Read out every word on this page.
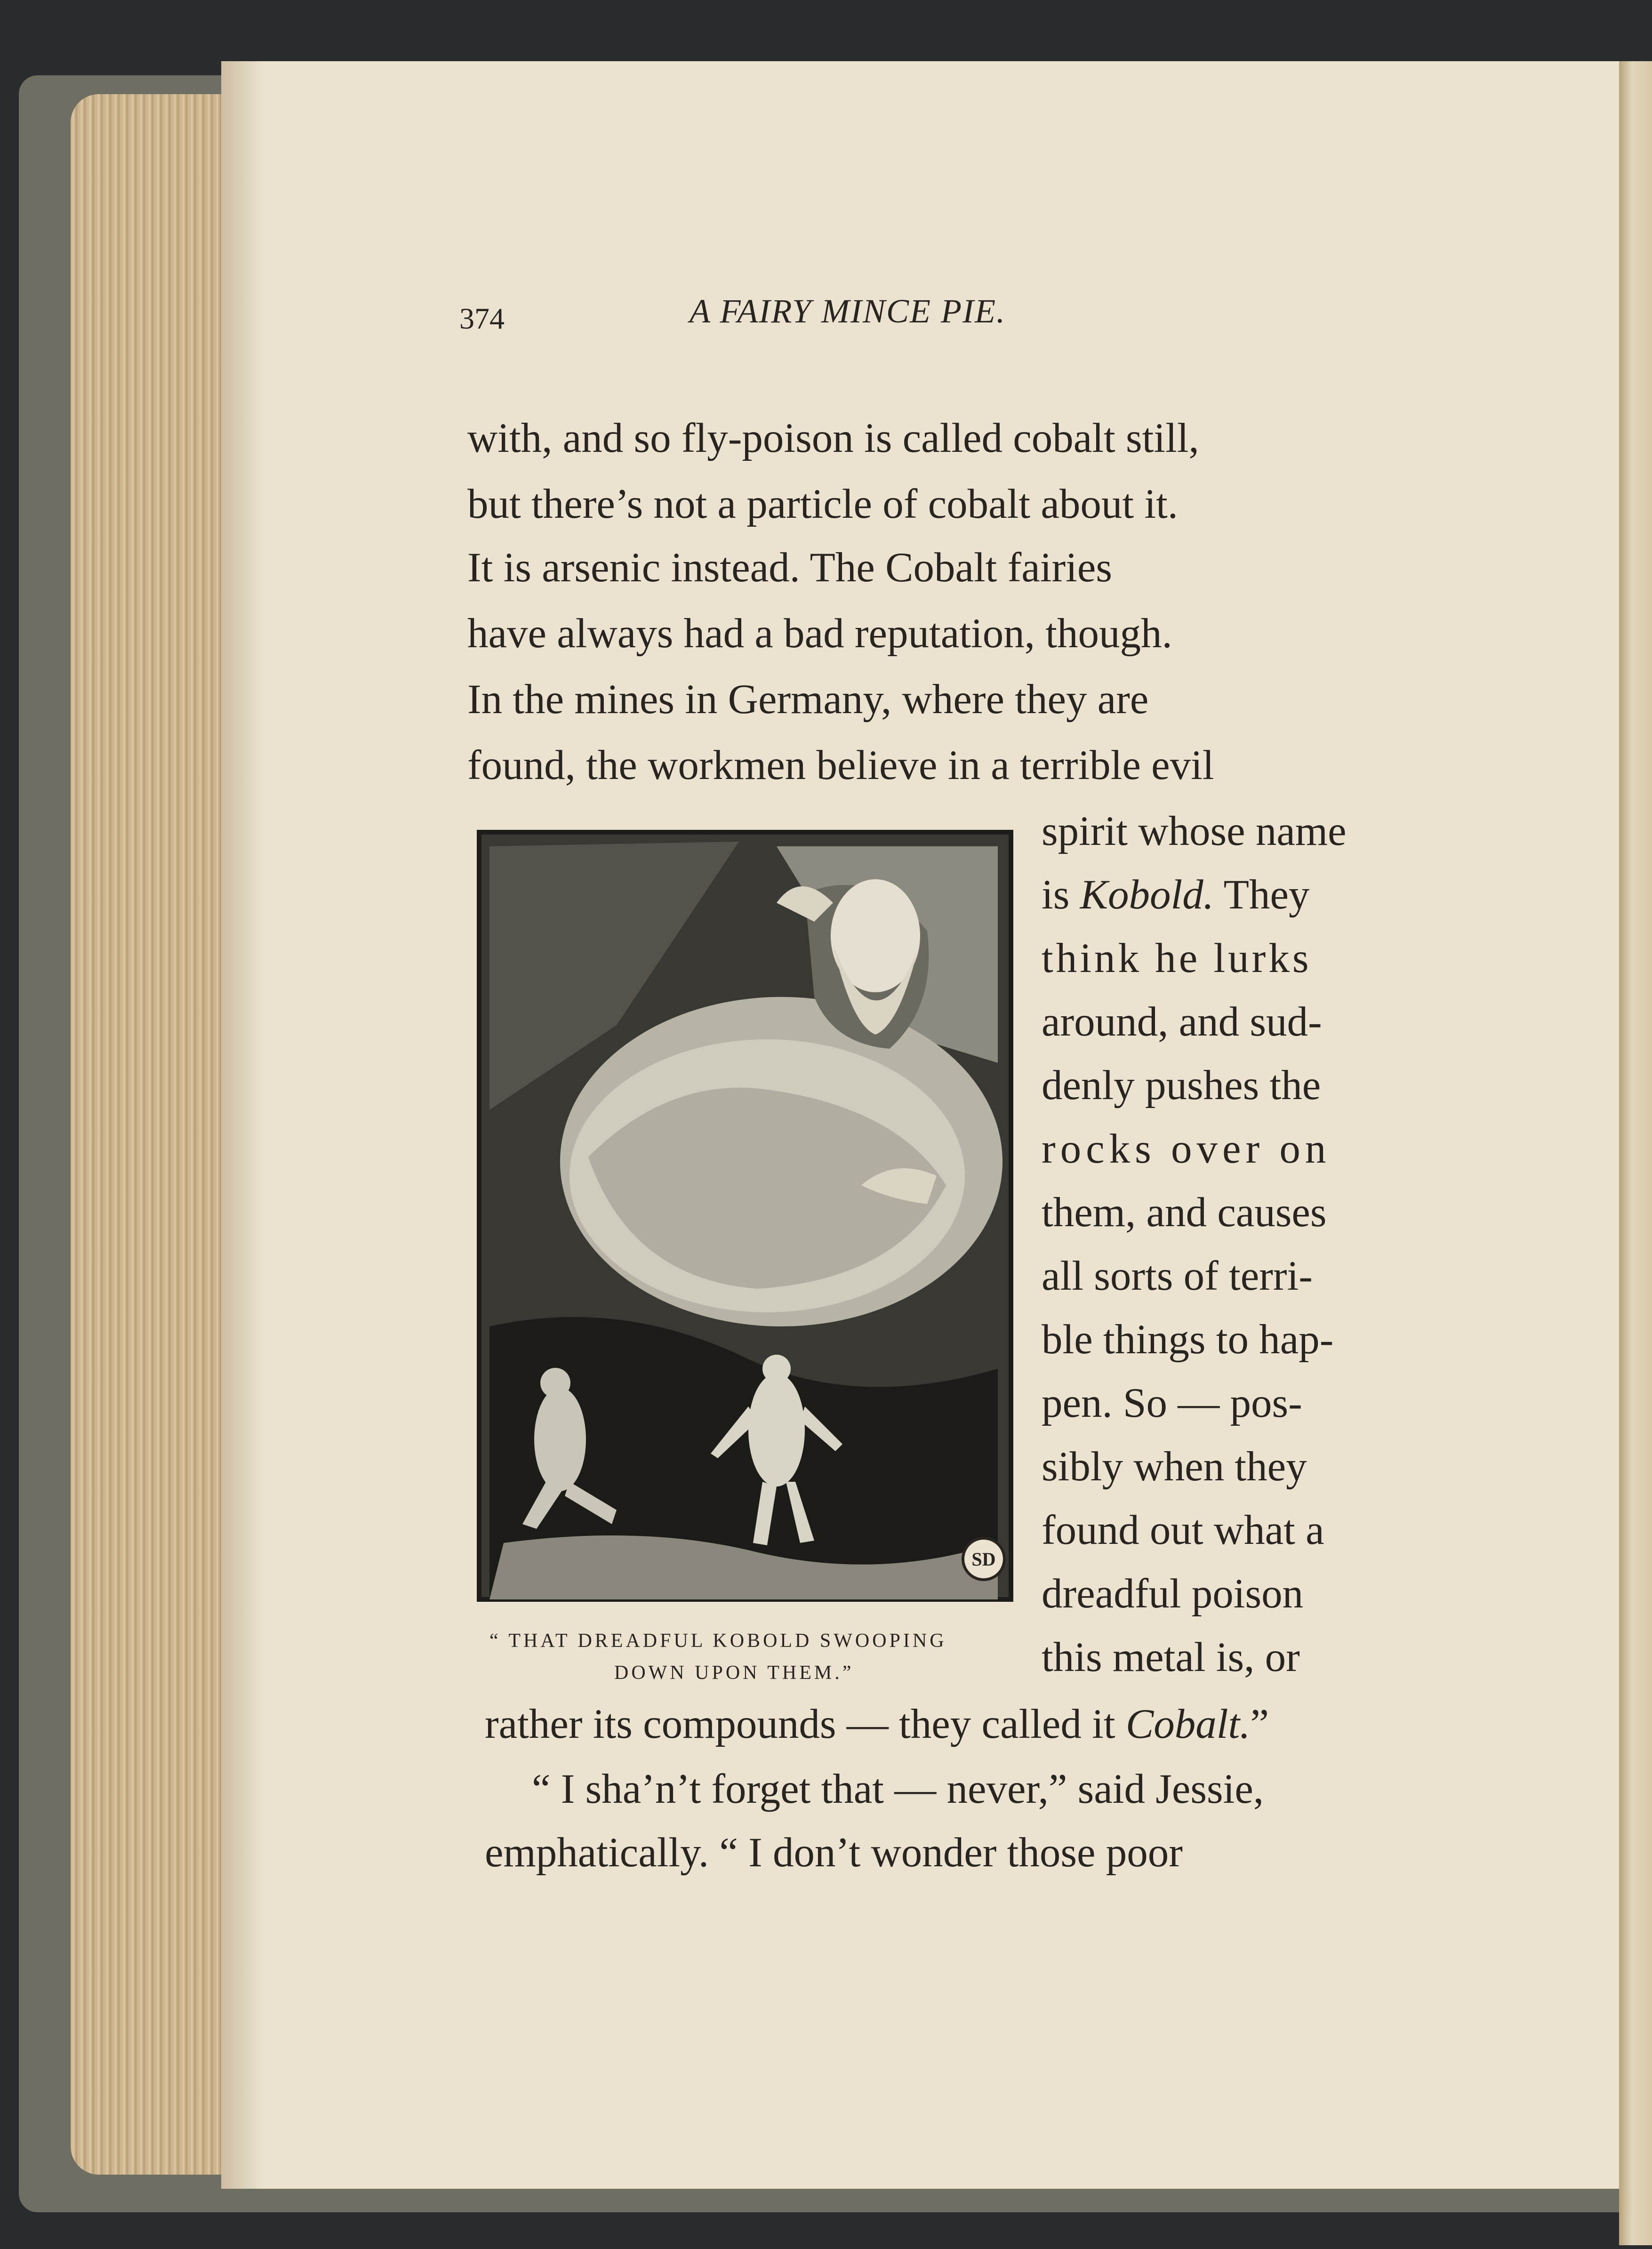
374	A FAIRY MINCE PIE.
with, and so fly-poison is called cobalt still,
but there’s not a particle of cobalt about it.
It is arsenic instead. The Cobalt fairies
have always had a bad reputation, though.
In the mines in Germany, where they are
found, the workmen believe in a terrible evil
SD
“ THAT DREADFUL KOBOLD SWOOPING
DOWN UPON THEM.”
spirit whose name
is Kobold. They
think he lurks
around, and sud-
denly pushes the
rocks over on
them, and causes
all sorts of terri-
ble things to hap-
pen. So — pos-
sibly when they
found out what a
dreadful poison
this metal is, or
rather its compounds — they called it Cobalt.”
“ I sha’n’t forget that — never,” said Jessie,
emphatically. “ I don’t wonder those poor
